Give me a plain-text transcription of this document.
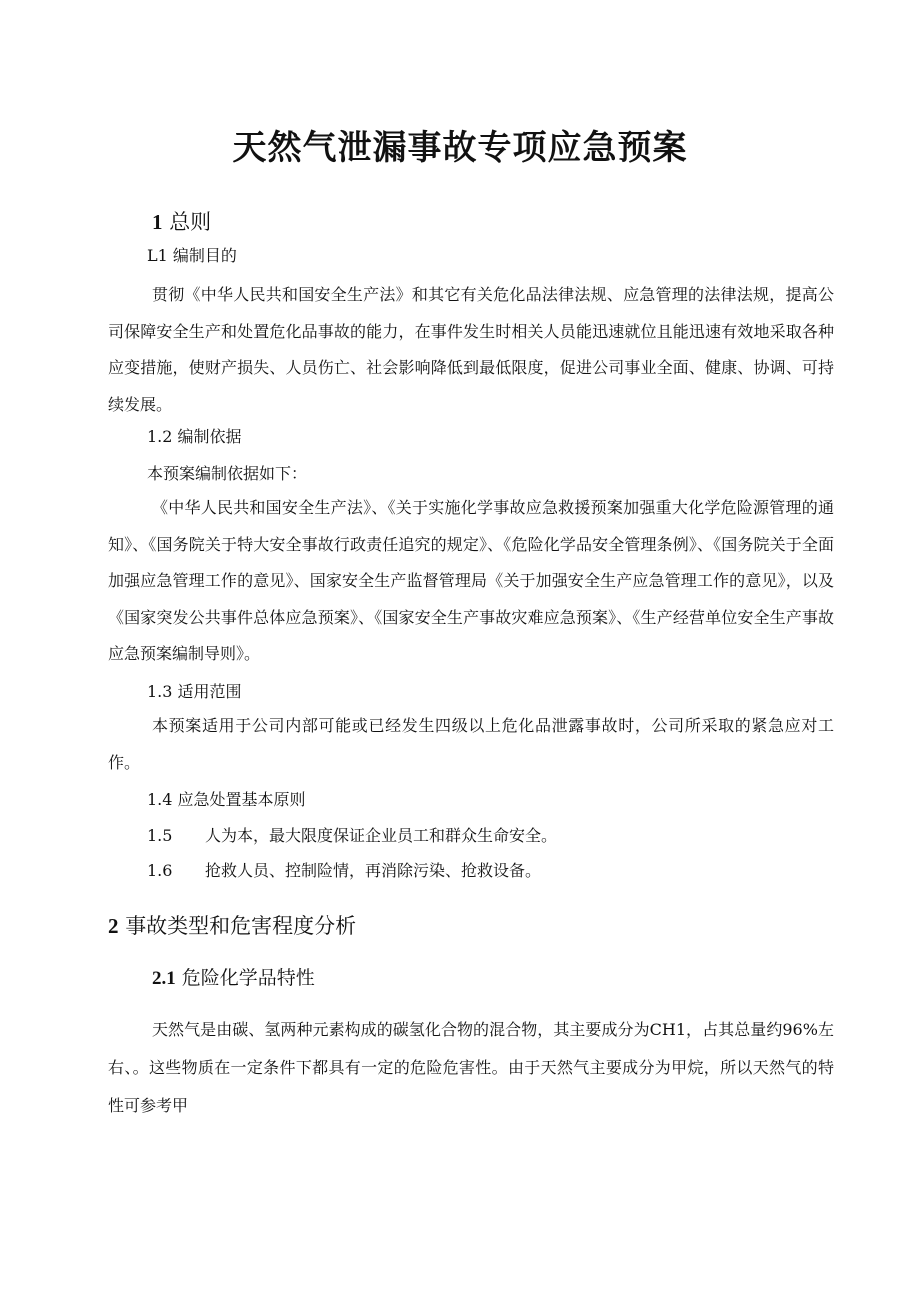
天然气泄漏事故专项应急预案
1 总则

L1 编制目的

贯彻《中华人民共和国安全生产法》和其它有关危化品法律法规、应急管理的法律法规，提高公司保障安全生产和处置危化品事故的能力，在事件发生时相关人员能迅速就位且能迅速有效地采取各种应变措施，使财产损失、人员伤亡、社会影响降低到最低限度，促进公司事业全面、健康、协调、可持续发展。

1.2 编制依据

本预案编制依据如下：

《中华人民共和国安全生产法》、《关于实施化学事故应急救援预案加强重大化学危险源管理的通知》、《国务院关于特大安全事故行政责任追究的规定》、《危险化学品安全管理条例》、《国务院关于全面加强应急管理工作的意见》、国家安全生产监督管理局《关于加强安全生产应急管理工作的意见》，以及《国家突发公共事件总体应急预案》、《国家安全生产事故灾难应急预案》、《生产经营单位安全生产事故应急预案编制导则》。

1.3 适用范围

本预案适用于公司内部可能或已经发生四级以上危化品泄露事故时，公司所采取的紧急应对工作。

1.4 应急处置基本原则

1.5 人为本，最大限度保证企业员工和群众生命安全。

1.6 抢救人员、控制险情，再消除污染、抢救设备。

2 事故类型和危害程度分析
2.1 危险化学品特性

天然气是由碳、氢两种元素构成的碳氢化合物的混合物，其主要成分为CH1，占其总量约96%左右、。这些物质在一定条件下都具有一定的危险危害性。由于天然气主要成分为甲烷，所以天然气的特性可参考甲
